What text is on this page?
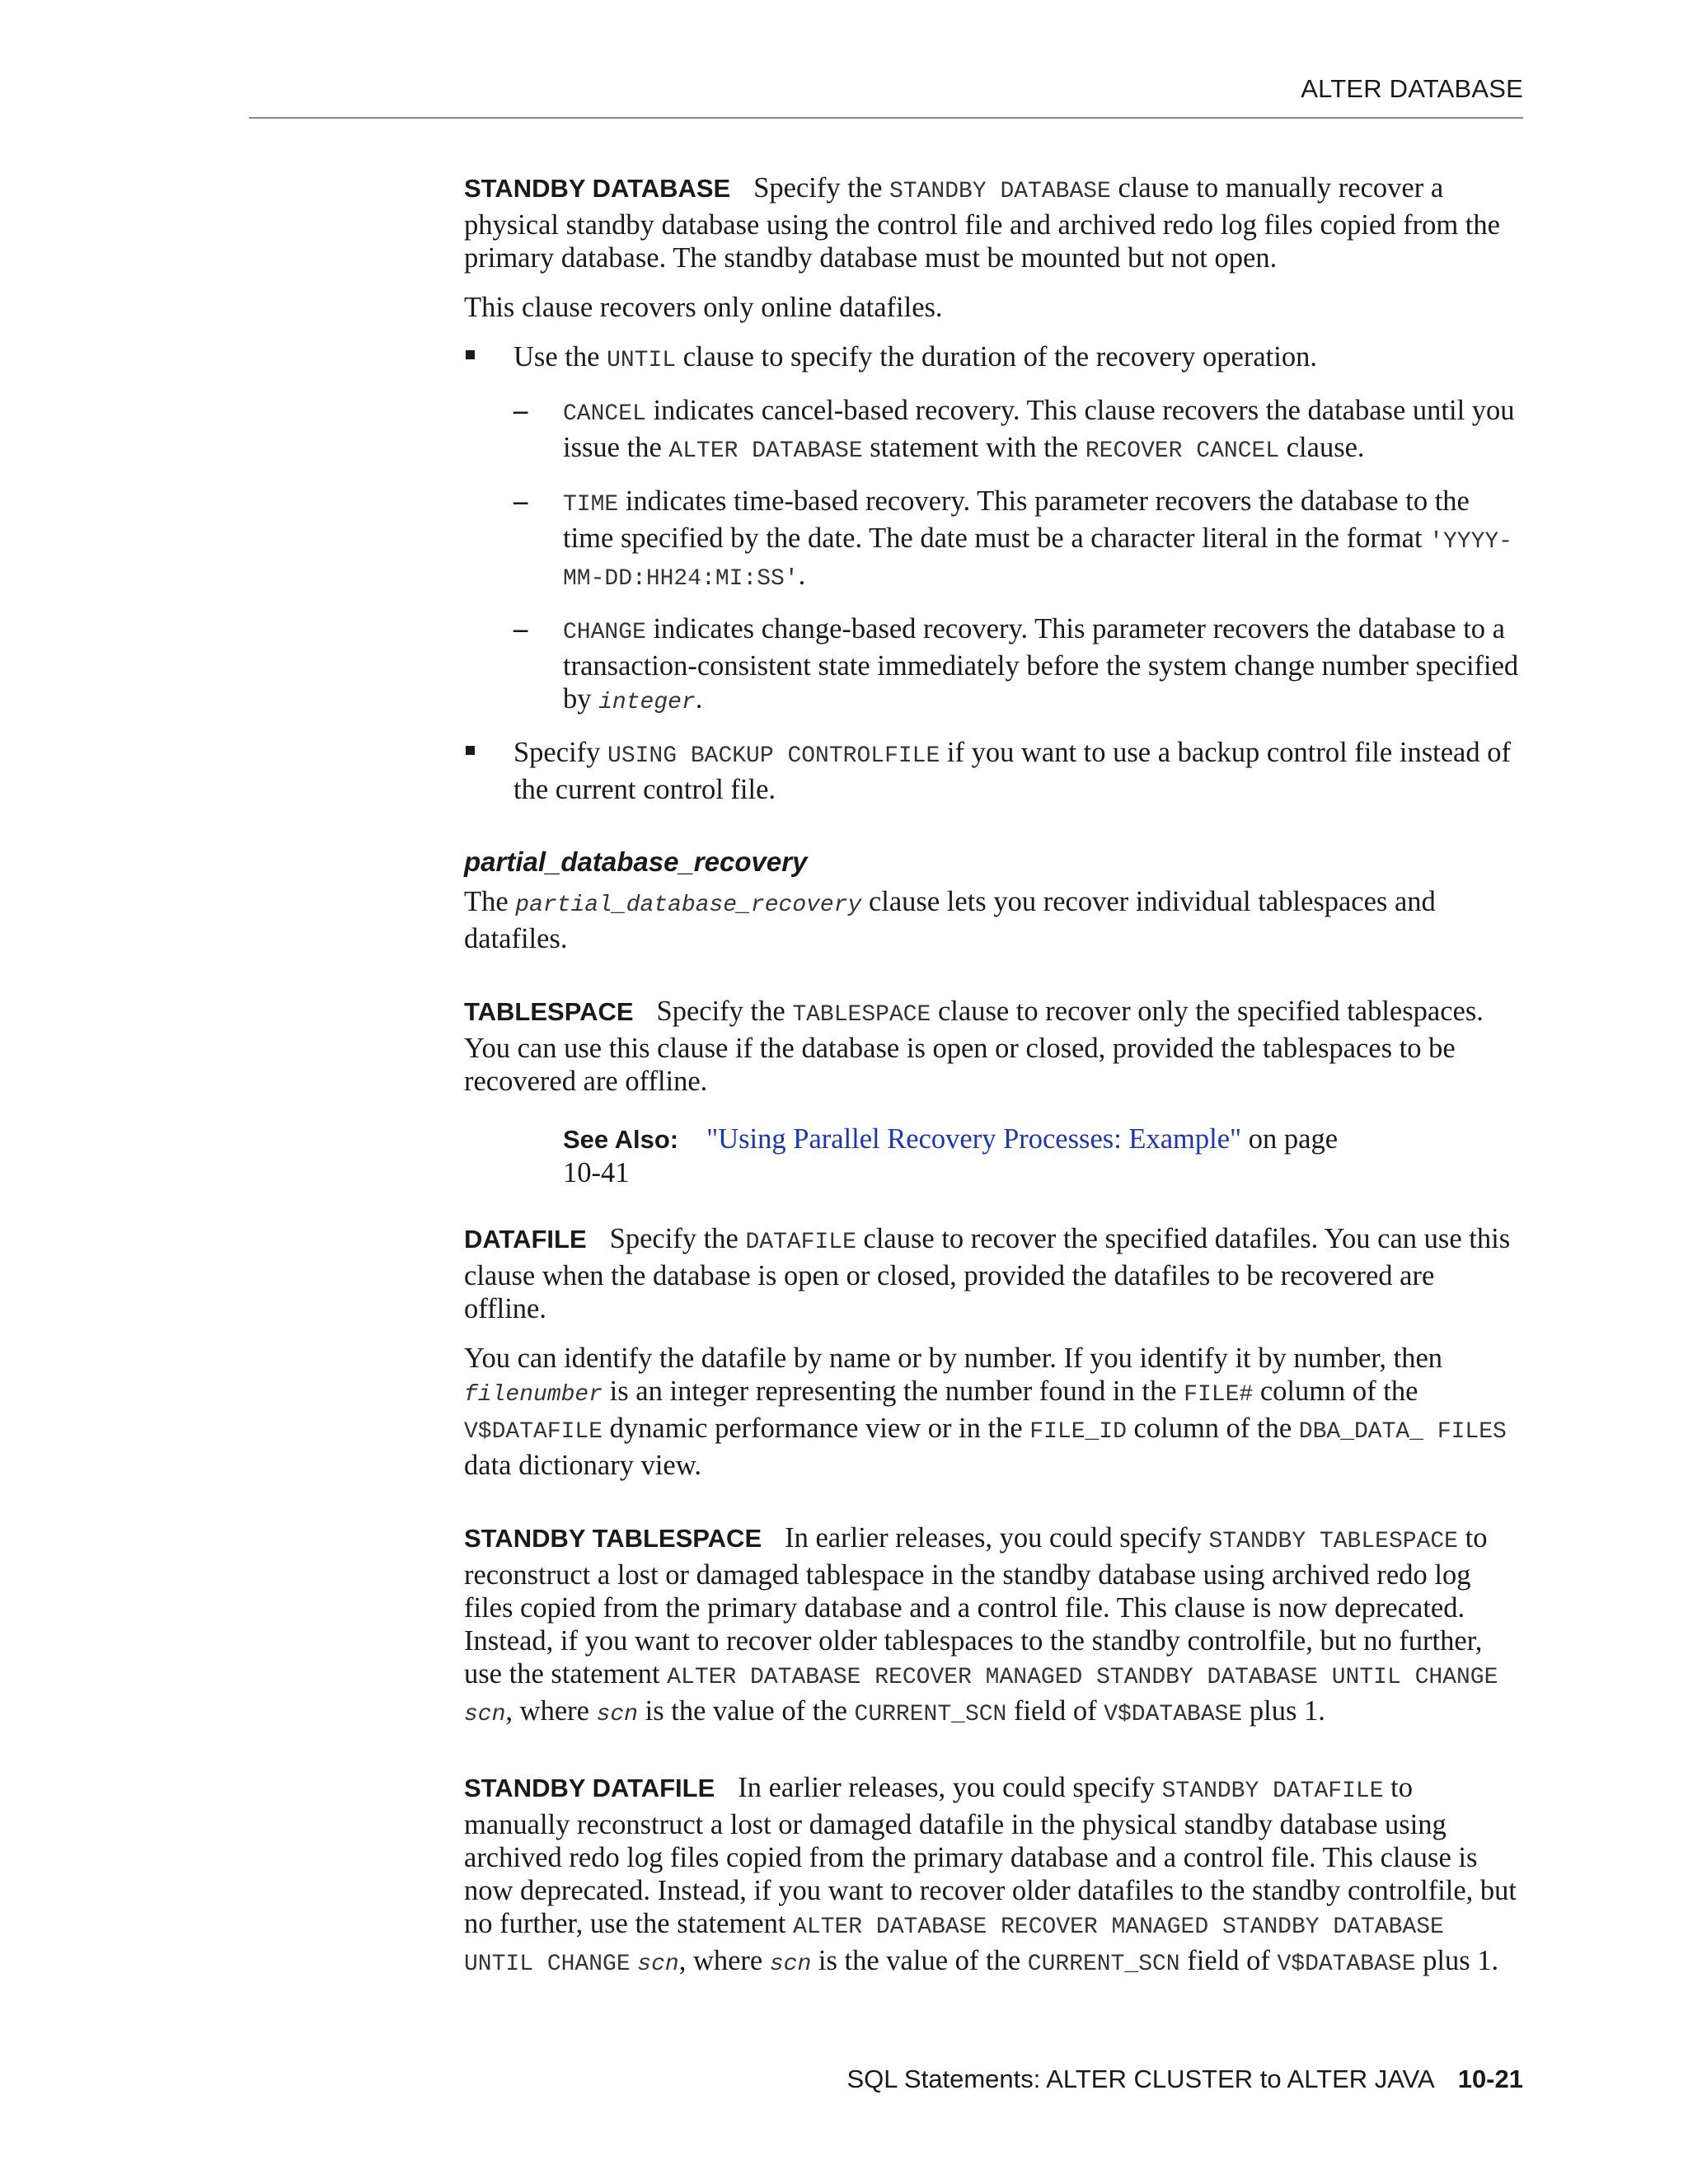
ALTER DATABASE

STANDBY DATABASE Specify the STANDBY DATABASE clause to manually recover a physical standby database using the control file and archived redo log files copied from the primary database. The standby database must be mounted but not open.

This clause recovers only online datafiles.

Use the UNTIL clause to specify the duration of the recovery operation.
– CANCEL indicates cancel-based recovery. This clause recovers the database until you issue the ALTER DATABASE statement with the RECOVER CANCEL clause.
– TIME indicates time-based recovery. This parameter recovers the database to the time specified by the date. The date must be a character literal in the format 'YYYY-MM-DD:HH24:MI:SS'.
– CHANGE indicates change-based recovery. This parameter recovers the database to a transaction-consistent state immediately before the system change number specified by integer.
Specify USING BACKUP CONTROLFILE if you want to use a backup control file instead of the current control file.
partial_database_recovery

The partial_database_recovery clause lets you recover individual tablespaces and datafiles.

TABLESPACE Specify the TABLESPACE clause to recover only the specified tablespaces. You can use this clause if the database is open or closed, provided the tablespaces to be recovered are offline.

See Also: "Using Parallel Recovery Processes: Example" on page 10-41

DATAFILE Specify the DATAFILE clause to recover the specified datafiles. You can use this clause when the database is open or closed, provided the datafiles to be recovered are offline.

You can identify the datafile by name or by number. If you identify it by number, then filenumber is an integer representing the number found in the FILE# column of the V$DATAFILE dynamic performance view or in the FILE_ID column of the DBA_DATA_ FILES data dictionary view.

STANDBY TABLESPACE In earlier releases, you could specify STANDBY TABLESPACE to reconstruct a lost or damaged tablespace in the standby database using archived redo log files copied from the primary database and a control file. This clause is now deprecated. Instead, if you want to recover older tablespaces to the standby controlfile, but no further, use the statement ALTER DATABASE RECOVER MANAGED STANDBY DATABASE UNTIL CHANGE scn, where scn is the value of the CURRENT_SCN field of V$DATABASE plus 1.

STANDBY DATAFILE In earlier releases, you could specify STANDBY DATAFILE to manually reconstruct a lost or damaged datafile in the physical standby database using archived redo log files copied from the primary database and a control file. This clause is now deprecated. Instead, if you want to recover older datafiles to the standby controlfile, but no further, use the statement ALTER DATABASE RECOVER MANAGED STANDBY DATABASE UNTIL CHANGE scn, where scn is the value of the CURRENT_SCN field of V$DATABASE plus 1.

SQL Statements: ALTER CLUSTER to ALTER JAVA 10-21
